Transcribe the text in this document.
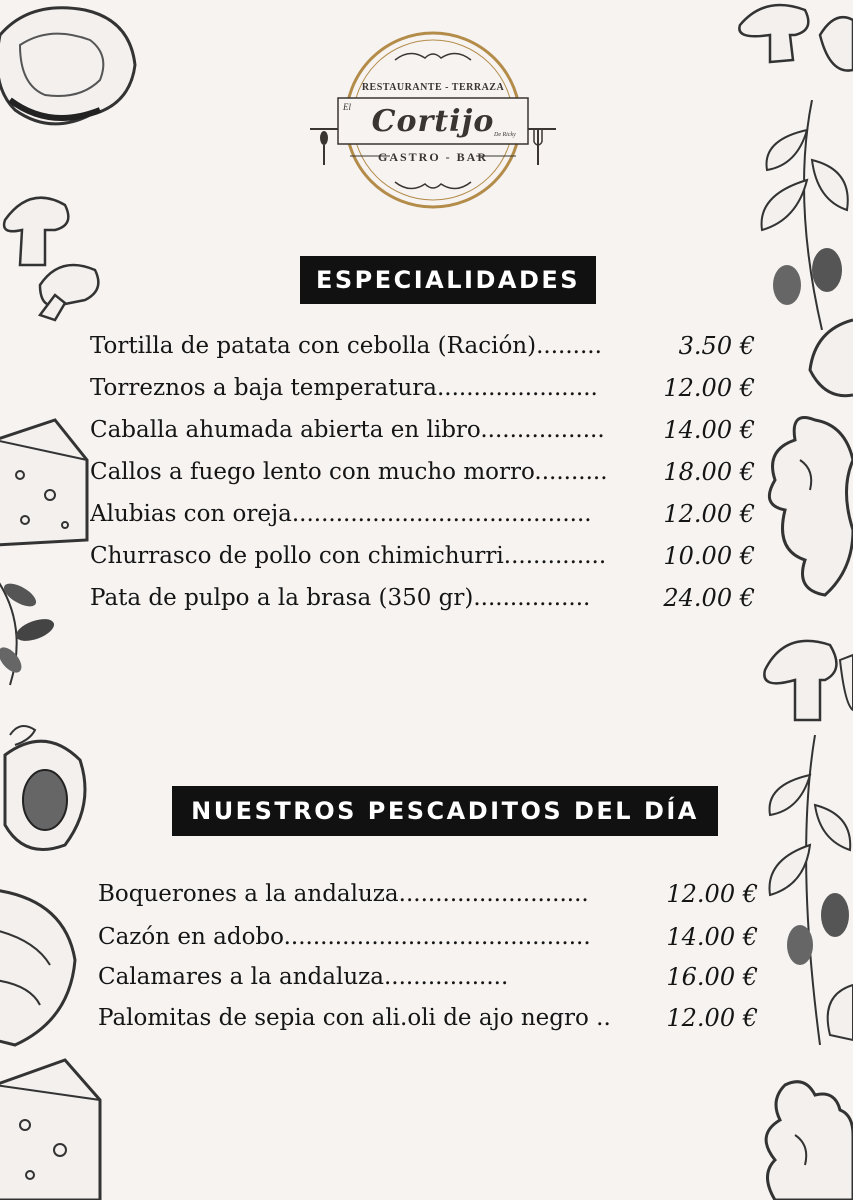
RESTAURANTE - TERRAZA
El Cortijo De Ricky
GASTRO - BAR
ESPECIALIDADES
Tortilla de patata con cebolla (Ración).........	3.50 €
Torreznos a baja temperatura......................	12.00 €
Caballa ahumada abierta en libro.................	14.00 €
Callos a fuego lento con mucho morro..........	18.00 €
Alubias con oreja.........................................	12.00 €
Churrasco de pollo con chimichurri..............	10.00 €
Pata de pulpo a la brasa (350 gr)................	24.00 €
NUESTROS PESCADITOS DEL DÍA
Boquerones a la andaluza..........................	12.00 €
Cazón en adobo..........................................	14.00 €
Calamares a la andaluza.................	16.00 €
Palomitas de sepia con ali.oli de ajo negro ..	12.00 €
